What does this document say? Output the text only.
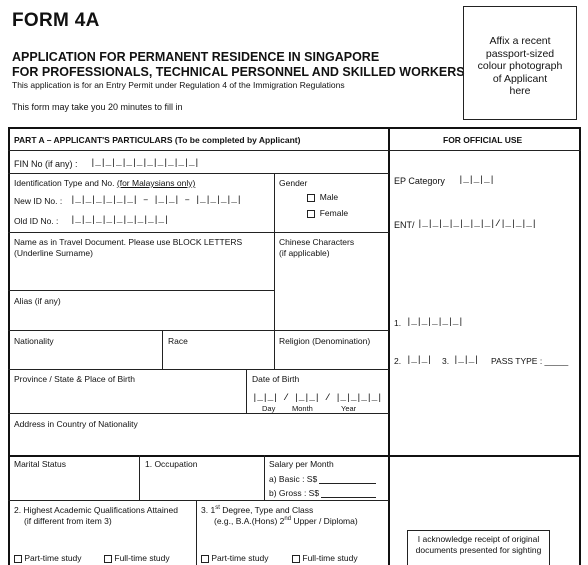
FORM 4A
APPLICATION FOR PERMANENT RESIDENCE IN SINGAPORE
FOR PROFESSIONALS, TECHNICAL PERSONNEL AND SKILLED WORKERS
This application is for an Entry Permit under Regulation 4 of the Immigration Regulations
This form may take you 20 minutes to fill in
Affix a recent
passport-sized
colour photograph
of Applicant
here
PART A – APPLICANT'S PARTICULARS (To be completed by Applicant)	FOR OFFICIAL USE
FIN No (if any) : |_|_|_|_|_|_|_|_|_|_|
Identification Type and No. (for Malaysians only)
New ID No. : |_|_|_|_|_|_| – |_|_| – |_|_|_|_|
Old ID No. : |_|_|_|_|_|_|_|_|_|
Gender
Male
Female
Name as in Travel Document. Please use BLOCK LETTERS
(Underline Surname)
Chinese Characters
(if applicable)
Alias (if any)
Nationality	Race	Religion (Denomination)
Province / State & Place of Birth	Date of Birth
|_|_| / |_|_| / |_|_|_|_|
Day Month	Year
Address in Country of Nationality
Marital Status	1. Occupation	Salary per Month
a) Basic : S$
b) Gross : S$
2. Highest Academic Qualifications Attained
(if different from item 3)
3. 1st Degree, Type and Class
(e.g., B.A.(Hons) 2nd Upper / Diploma)
Part-time study	Full-time study	Part-time study	Full-time study
EP Category |_|_|_|
ENT/ |_|_|_|_|_|_|_|/|_|_|_|
1. |_|_|_|_|_|
2. |_|_| 3. |_|_| PASS TYPE : _____
I acknowledge receipt of original
documents presented for sighting
